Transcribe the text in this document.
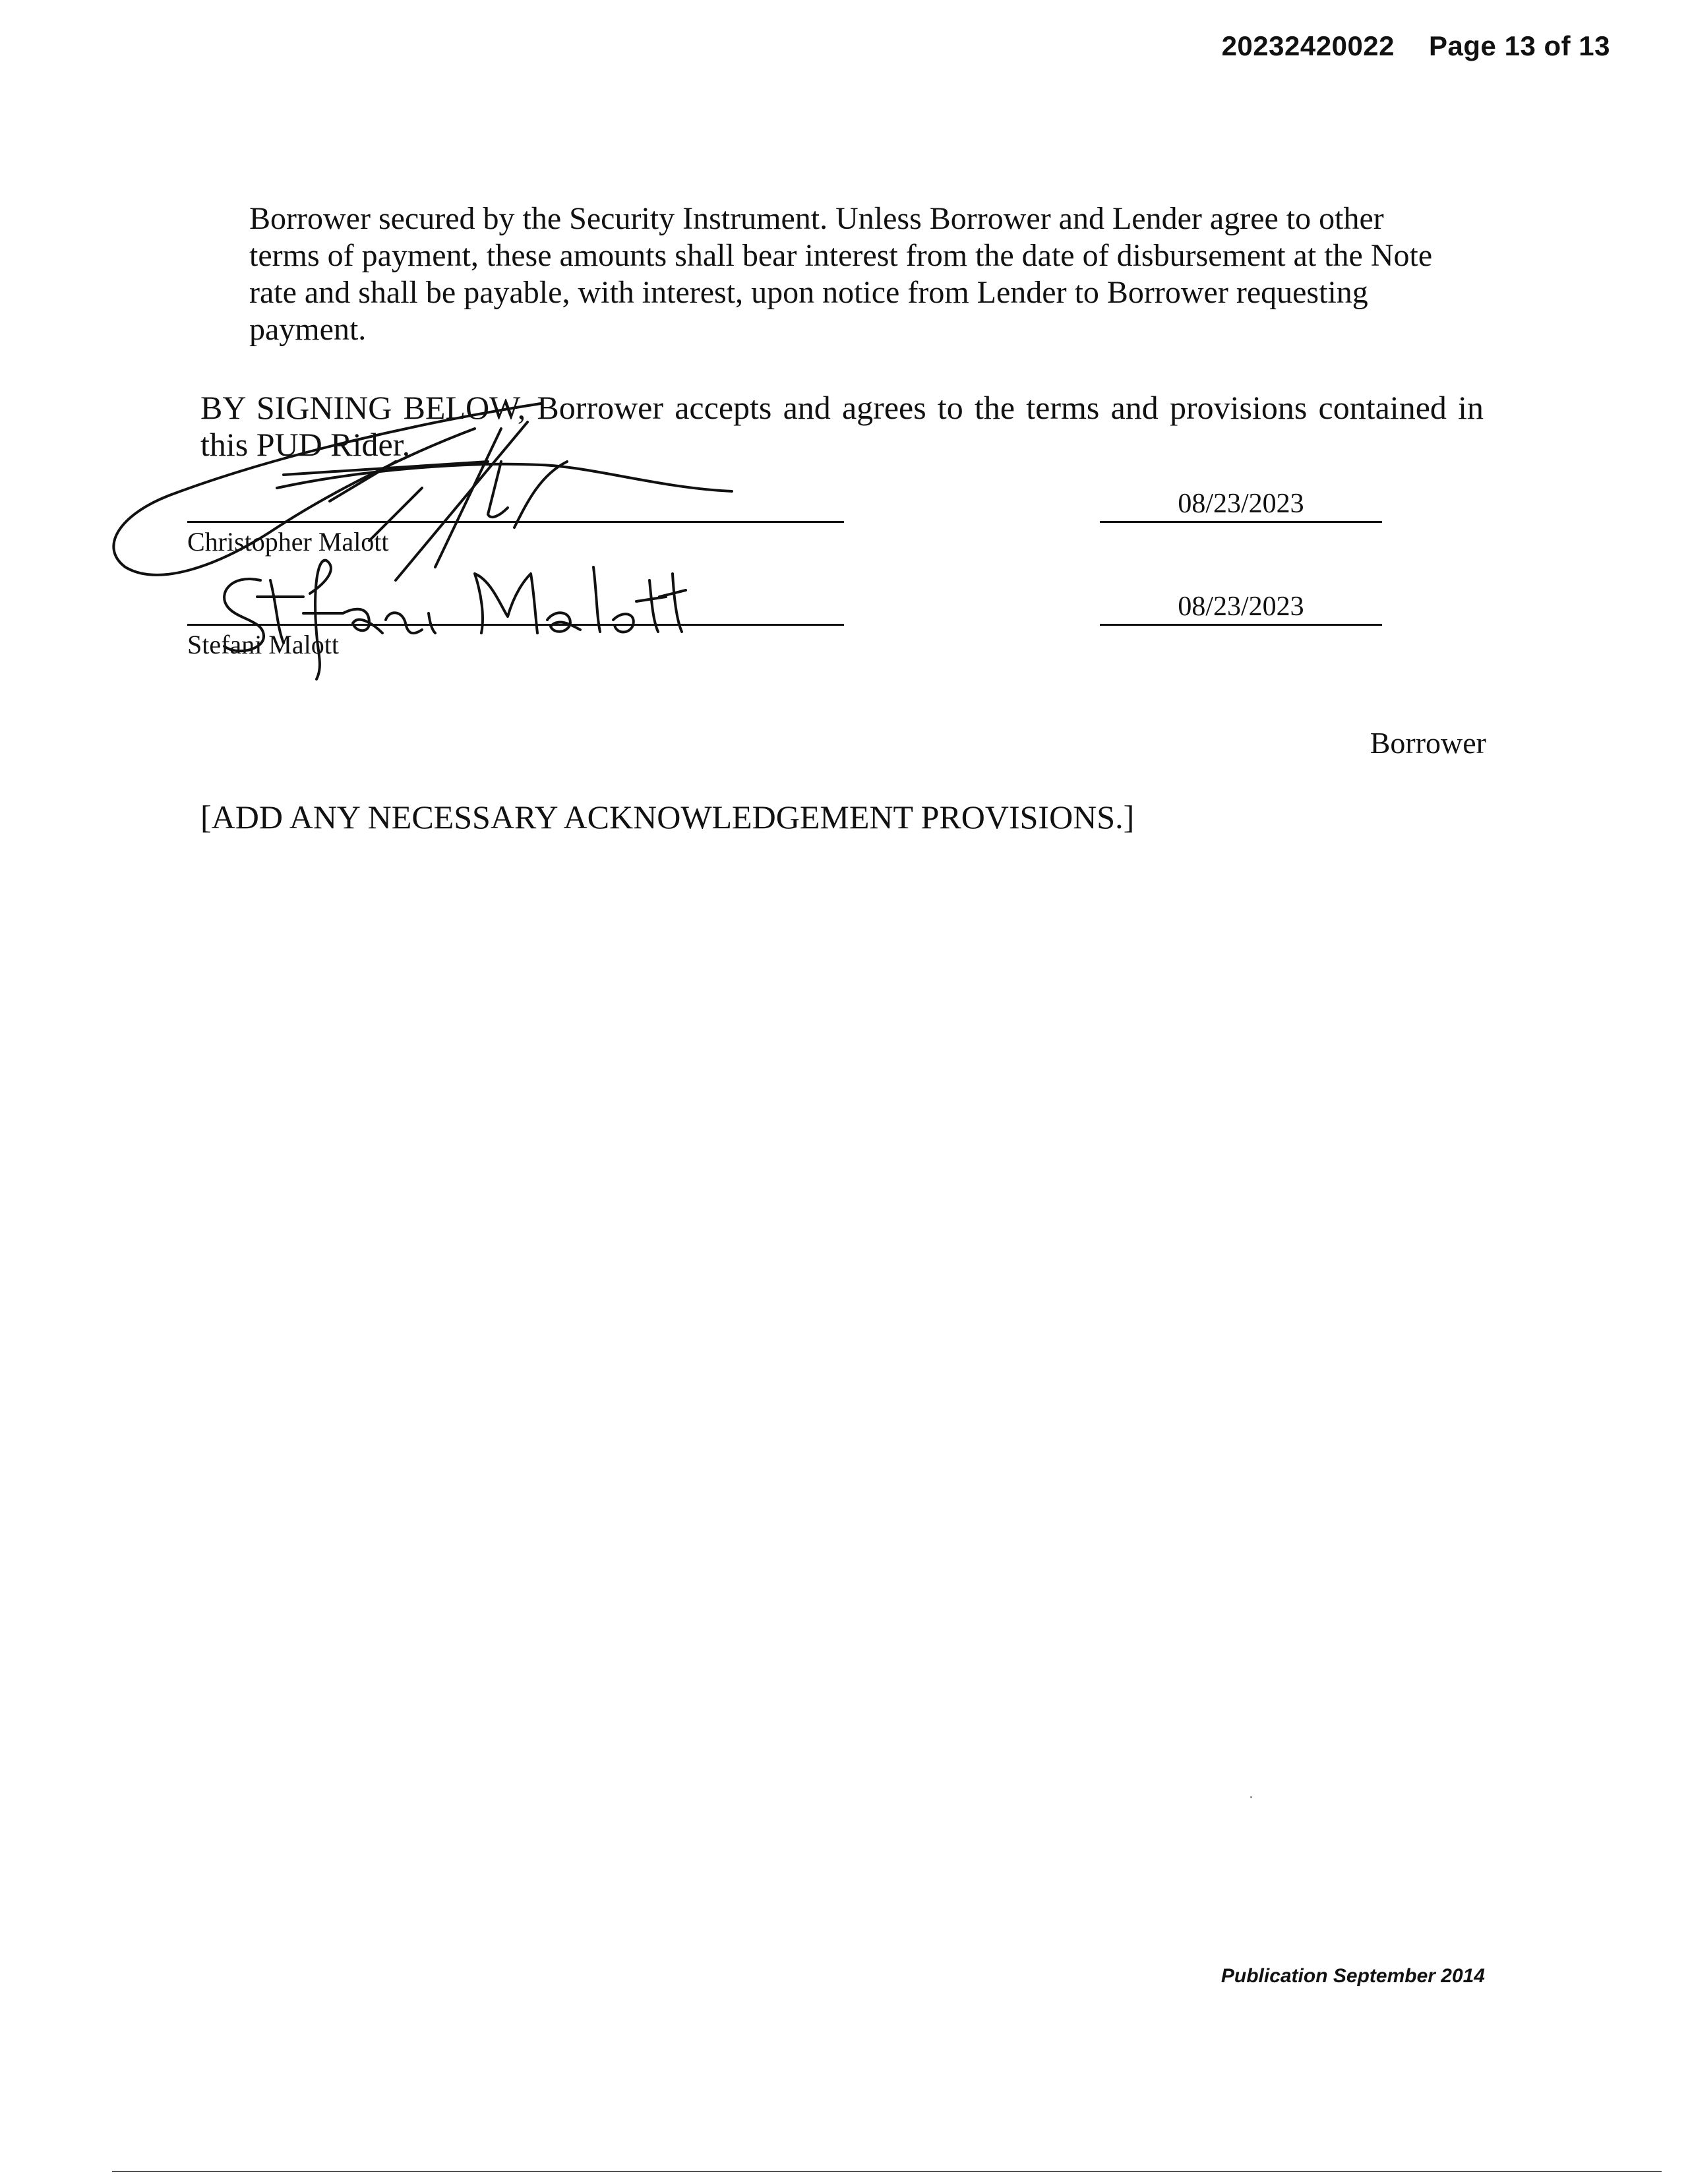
20232420022 Page 13 of 13
Borrower secured by the Security Instrument. Unless Borrower and Lender agree to other
terms of payment, these amounts shall bear interest from the date of disbursement at the Note
rate and shall be payable, with interest, upon notice from Lender to Borrower requesting
payment.
BY SIGNING BELOW, Borrower accepts and agrees to the terms and provisions contained in
this PUD Rider.
Christopher Malott
08/23/2023
Stefani Malott
08/23/2023
Borrower
[ADD ANY NECESSARY ACKNOWLEDGEMENT PROVISIONS.]
Publication September 2014
